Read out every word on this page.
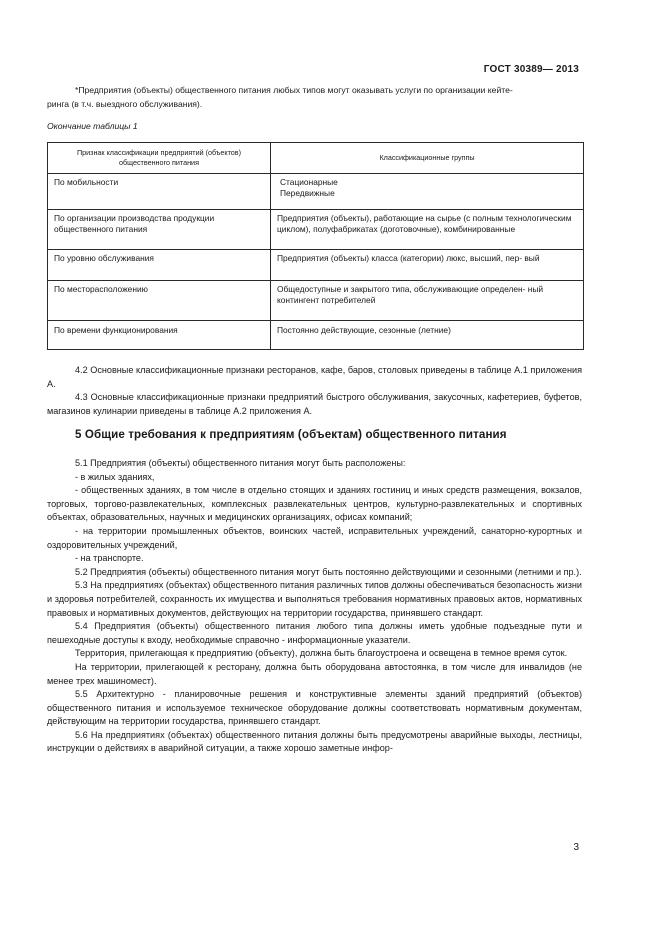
ГОСТ 30389— 2013
*Предприятия (объекты) общественного питания любых типов могут оказывать услуги по организации кейте-
ринга (в т.ч. выездного обслуживания).
Окончание таблицы 1
Признак классификации предприятий (объектов) общественного питания	Классификационные группы
По мобильности	Стационарные
Передвижные

По организации производства продукции общественного питания	Предприятия (объекты), работающие на сырье (с полным технологическим циклом), полуфабрикатах (доготовочные), комбинированные
По уровню обслуживания	Предприятия (объекты) класса (категории) люкс, высший, пер- вый
По месторасположению	Общедоступные и закрытого типа, обслуживающие определен- ный контингент потребителей
По времени функционирования	Постоянно действующие, сезонные (летние)

4.2 Основные классификационные признаки ресторанов, кафе, баров, столовых приведены в таблице А.1 приложения А.

4.3 Основные классификационные признаки предприятий быстрого обслуживания, закусочных, кафетериев, буфетов, магазинов кулинарии приведены в таблице А.2 приложения А.

5 Общие требования к предприятиям (объектам) общественного питания

5.1 Предприятия (объекты) общественного питания могут быть расположены:

- в жилых зданиях,

- общественных зданиях, в том числе в отдельно стоящих и зданиях гостиниц и иных средств размещения, вокзалов, торговых, торгово-развлекательных, комплексных развлекательных центров, культурно-развлекательных и спортивных объектах, образовательных, научных и медицинских организациях, офисах компаний;

- на территории промышленных объектов, воинских частей, исправительных учреждений, санаторно-курортных и оздоровительных учреждений,

- на транспорте.

5.2 Предприятия (объекты) общественного питания могут быть постоянно действующими и сезонными (летними и пр.).

5.3 На предприятиях (объектах) общественного питания различных типов должны обеспечиваться безопасность жизни и здоровья потребителей, сохранность их имущества и выполняться требования нормативных правовых актов, нормативных правовых и нормативных документов, действующих на территории государства, принявшего стандарт.

5.4 Предприятия (объекты) общественного питания любого типа должны иметь удобные подъездные пути и пешеходные доступы к входу, необходимые справочно - информационные указатели.

Территория, прилегающая к предприятию (объекту), должна быть благоустроена и освещена в темное время суток.

На территории, прилегающей к ресторану, должна быть оборудована автостоянка, в том числе для инвалидов (не менее трех машиномест).

5.5 Архитектурно - планировочные решения и конструктивные элементы зданий предприятий (объектов) общественного питания и используемое техническое оборудование должны соответствовать нормативным документам, действующим на территории государства, принявшего стандарт.

5.6 На предприятиях (объектах) общественного питания должны быть предусмотрены аварийные выходы, лестницы, инструкции о действиях в аварийной ситуации, а также хорошо заметные инфор-

3
